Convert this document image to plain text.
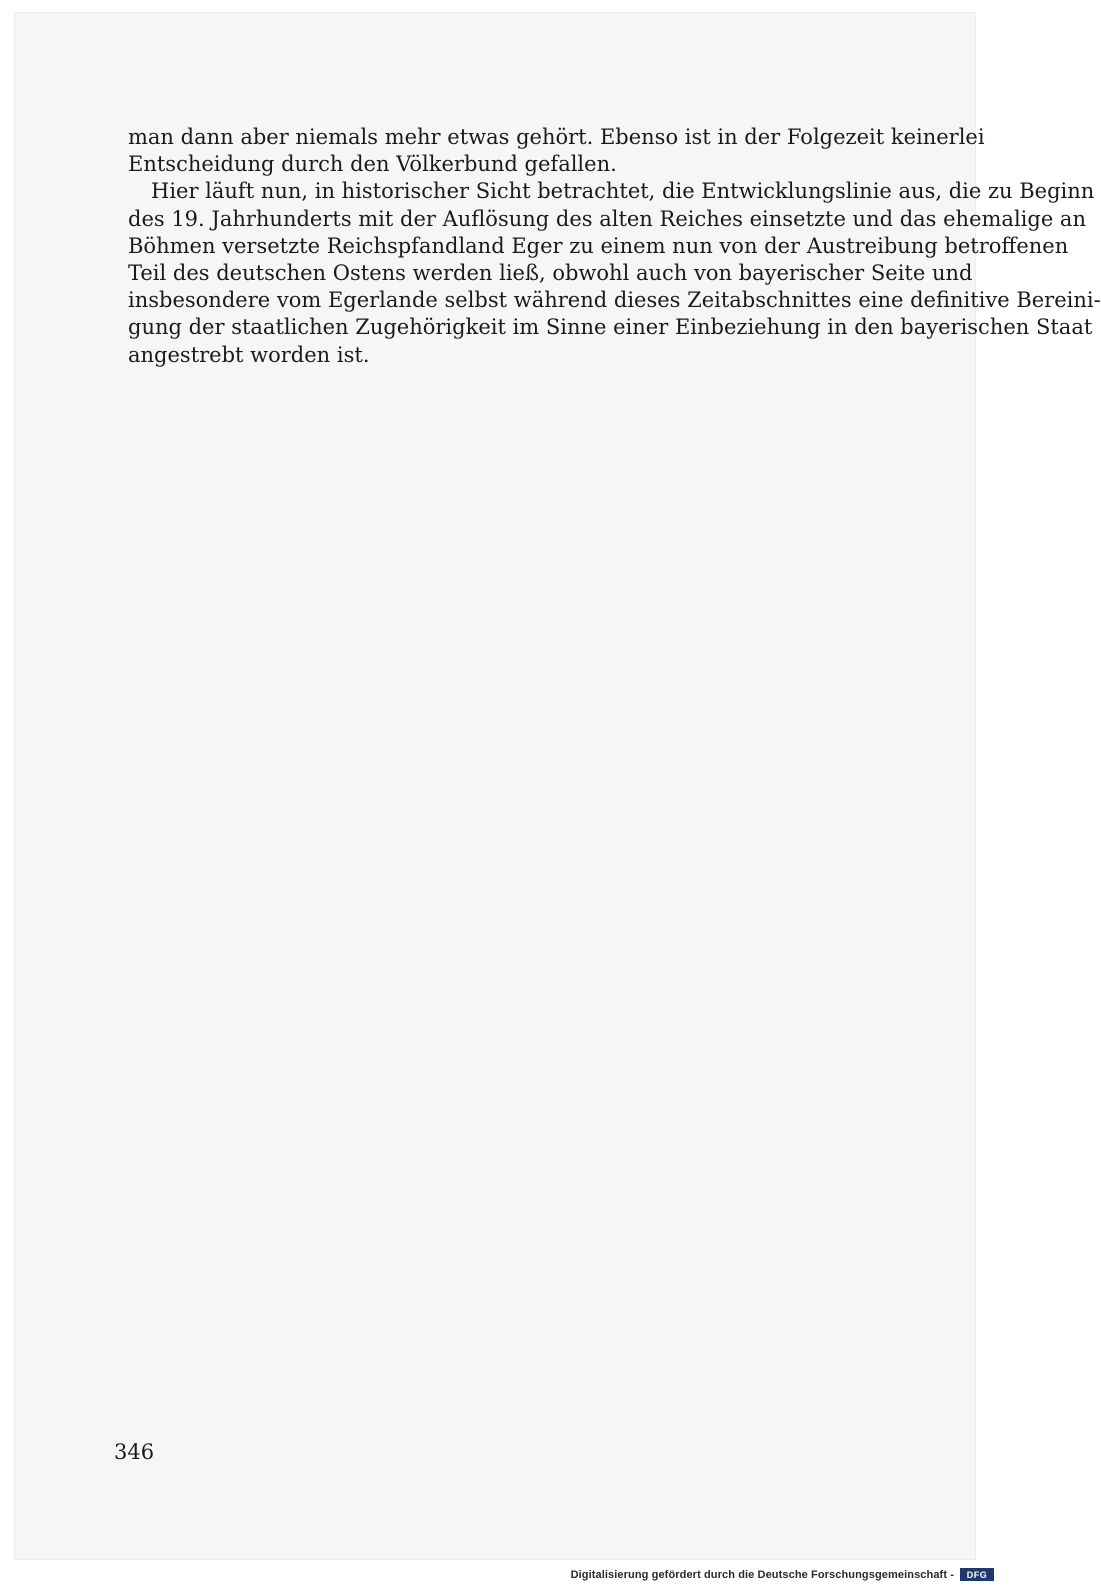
man dann aber niemals mehr etwas gehört. Ebenso ist in der Folgezeit keinerlei
Entscheidung durch den Völkerbund gefallen.

Hier läuft nun, in historischer Sicht betrachtet, die Entwicklungslinie aus, die zu Beginn
des 19. Jahrhunderts mit der Auflösung des alten Reiches einsetzte und das ehemalige an
Böhmen versetzte Reichspfandland Eger zu einem nun von der Austreibung betroffenen
Teil des deutschen Ostens werden ließ, obwohl auch von bayerischer Seite und
insbesondere vom Egerlande selbst während dieses Zeitabschnittes eine definitive Bereini-
gung der staatlichen Zugehörigkeit im Sinne einer Einbeziehung in den bayerischen Staat
angestrebt worden ist.

346
Digitalisierung gefördert durch die Deutsche Forschungsgemeinschaft -	DFG
